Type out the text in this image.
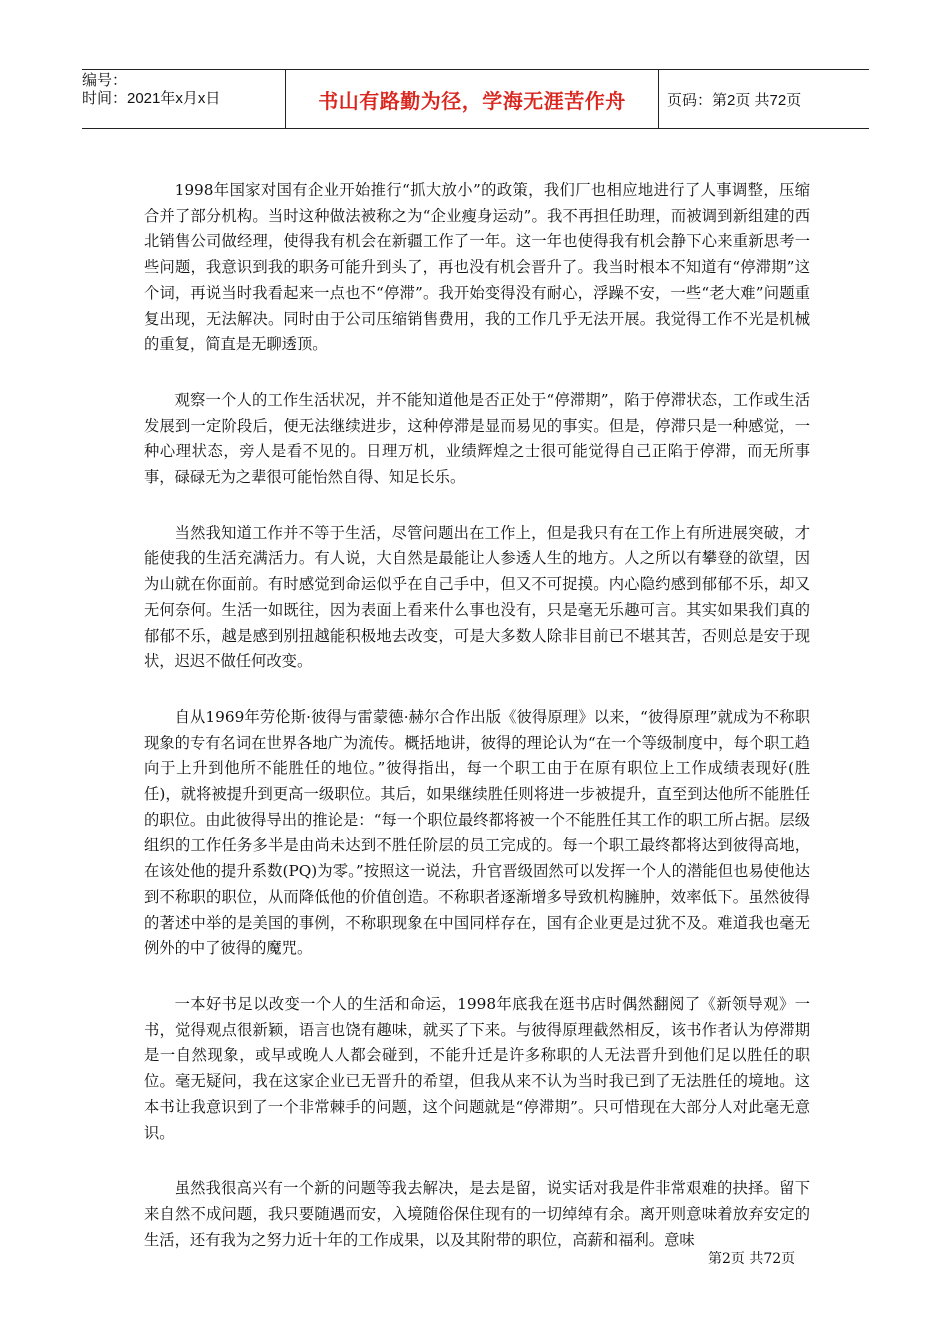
编号：
时间：2021年x月x日	书山有路勤为径，学海无涯苦作舟	页码：第2页 共72页

1998年国家对国有企业开始推行“抓大放小”的政策，我们厂也相应地进行了人事调整，压缩合并了部分机构。当时这种做法被称之为“企业瘦身运动”。我不再担任助理，而被调到新组建的西北销售公司做经理，使得我有机会在新疆工作了一年。这一年也使得我有机会静下心来重新思考一些问题，我意识到我的职务可能升到头了，再也没有机会晋升了。我当时根本不知道有“停滞期”这个词，再说当时我看起来一点也不“停滞”。我开始变得没有耐心，浮躁不安，一些“老大难”问题重复出现，无法解决。同时由于公司压缩销售费用，我的工作几乎无法开展。我觉得工作不光是机械的重复，简直是无聊透顶。

观察一个人的工作生活状况，并不能知道他是否正处于“停滞期”，陷于停滞状态，工作或生活发展到一定阶段后，便无法继续进步，这种停滞是显而易见的事实。但是，停滞只是一种感觉，一种心理状态，旁人是看不见的。日理万机，业绩辉煌之士很可能觉得自己正陷于停滞，而无所事事，碌碌无为之辈很可能怡然自得、知足长乐。

当然我知道工作并不等于生活，尽管问题出在工作上，但是我只有在工作上有所进展突破，才能使我的生活充满活力。有人说，大自然是最能让人参透人生的地方。人之所以有攀登的欲望，因为山就在你面前。有时感觉到命运似乎在自己手中，但又不可捉摸。内心隐约感到郁郁不乐，却又无何奈何。生活一如既往，因为表面上看来什么事也没有，只是毫无乐趣可言。其实如果我们真的郁郁不乐，越是感到别扭越能积极地去改变，可是大多数人除非目前已不堪其苦，否则总是安于现状，迟迟不做任何改变。

自从1969年劳伦斯·彼得与雷蒙德·赫尔合作出版《彼得原理》以来，“彼得原理”就成为不称职现象的专有名词在世界各地广为流传。概括地讲，彼得的理论认为“在一个等级制度中，每个职工趋向于上升到他所不能胜任的地位。”彼得指出，每一个职工由于在原有职位上工作成绩表现好(胜任)，就将被提升到更高一级职位。其后，如果继续胜任则将进一步被提升，直至到达他所不能胜任的职位。由此彼得导出的推论是：“每一个职位最终都将被一个不能胜任其工作的职工所占据。层级组织的工作任务多半是由尚未达到不胜任阶层的员工完成的。每一个职工最终都将达到彼得高地，在该处他的提升系数(PQ)为零。”按照这一说法，升官晋级固然可以发挥一个人的潜能但也易使他达到不称职的职位，从而降低他的价值创造。不称职者逐渐增多导致机构臃肿，效率低下。虽然彼得的著述中举的是美国的事例，不称职现象在中国同样存在，国有企业更是过犹不及。难道我也毫无例外的中了彼得的魔咒。

一本好书足以改变一个人的生活和命运，1998年底我在逛书店时偶然翻阅了《新领导观》一书，觉得观点很新颖，语言也饶有趣味，就买了下来。与彼得原理截然相反，该书作者认为停滞期是一自然现象，或早或晚人人都会碰到，不能升迁是许多称职的人无法晋升到他们足以胜任的职位。毫无疑问，我在这家企业已无晋升的希望，但我从来不认为当时我已到了无法胜任的境地。这本书让我意识到了一个非常棘手的问题，这个问题就是“停滞期”。只可惜现在大部分人对此毫无意识。

虽然我很高兴有一个新的问题等我去解决，是去是留，说实话对我是件非常艰难的抉择。留下来自然不成问题，我只要随遇而安，入境随俗保住现有的一切绰绰有余。离开则意味着放弃安定的生活，还有我为之努力近十年的工作成果，以及其附带的职位，高薪和福利。意味

第2页 共72页
